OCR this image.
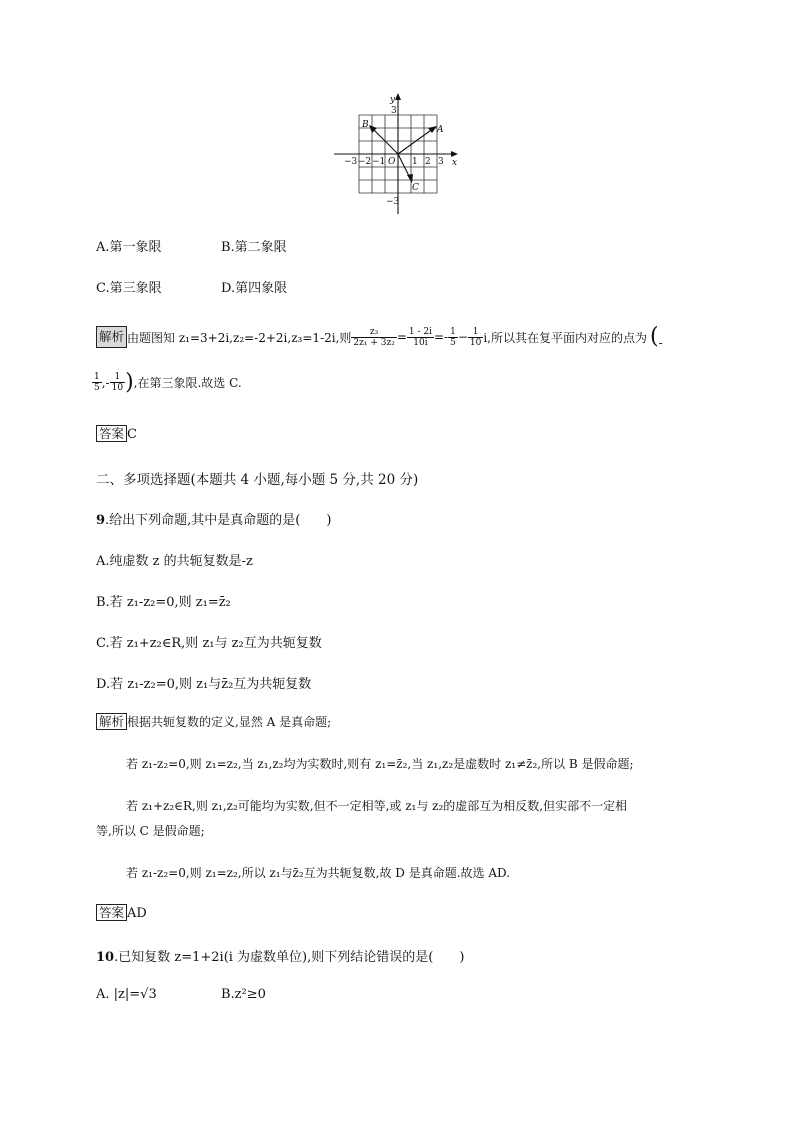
y
3
−3
−3 −2 −1 O 1 2 3 x
A
B
C
A.第一象限	B.第二象限
C.第三象限	D.第四象限
解析 由题图知 z₁=3+2i,z₂=-2+2i,z₃=1-2i,则 $\frac{\text{z₃}}{\text{2z₁ + 3z₂}} = \frac{1 - 2i}{10i} =- \frac{1}{5} - \frac{1}{10} i$,所以其在复平面内对应的点为 ( -
$\frac{1}{5}$ ,- $\frac{1}{10}$ ) ,在第三象限.故选 C.
答案 C
二、多项选择题(本题共 4 小题,每小题 5 分,共 20 分)
9.给出下列命题,其中是真命题的是(　　)
A.纯虚数 z 的共轭复数是-z
B.若 z₁-z₂=0,则 z₁=z̄₂
C.若 z₁+z₂∈R,则 z₁与 z₂互为共轭复数
D.若 z₁-z₂=0,则 z₁与z̄₂互为共轭复数
解析 根据共轭复数的定义,显然 A 是真命题;
若 z₁-z₂=0,则 z₁=z₂,当 z₁,z₂均为实数时,则有 z₁=z̄₂,当 z₁,z₂是虚数时 z₁≠z̄₂,所以 B 是假命题;
若 z₁+z₂∈R,则 z₁,z₂可能均为实数,但不一定相等,或 z₁与 z₂的虚部互为相反数,但实部不一定相
等,所以 C 是假命题;
若 z₁-z₂=0,则 z₁=z₂,所以 z₁与z̄₂互为共轭复数,故 D 是真命题.故选 AD.
答案 AD
10.已知复数 z=1+2i(i 为虚数单位),则下列结论错误的是(　　)
A. |z|=√3	B.z²≥0
